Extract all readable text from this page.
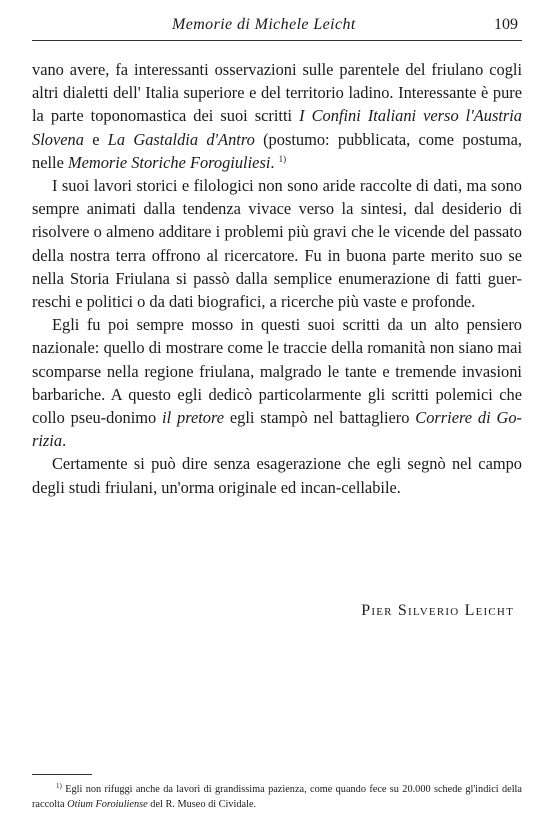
Memorie di Michele Leicht	109

vano avere, fa interessanti osservazioni sulle parentele del friulano cogli altri dialetti dell' Italia superiore e del territorio ladino. Interessante è pure la parte toponomastica dei suoi scritti I Confini Italiani verso l'Austria Slovena e La Gastaldia d'Antro (postumo: pubblicata, come postuma, nelle Memorie Storiche Forogiuliesi. $^{1)}$

I suoi lavori storici e filologici non sono aride raccolte di dati, ma sono sempre animati dalla tendenza vivace verso la sintesi, dal desiderio di risolvere o almeno additare i problemi più gravi che le vicende del passato della nostra terra offrono al ricercatore. Fu in buona parte merito suo se nella Storia Friulana si passò dalla semplice enumerazione di fatti guer-reschi e politici o da dati biografici, a ricerche più vaste e profonde.

Egli fu poi sempre mosso in questi suoi scritti da un alto pensiero nazionale: quello di mostrare come le traccie della romanità non siano mai scomparse nella regione friulana, malgrado le tante e tremende invasioni barbariche. A questo egli dedicò particolarmente gli scritti polemici che collo pseu-donimo il pretore egli stampò nel battagliero Corriere di Go-rizia.

Certamente si può dire senza esagerazione che egli segnò nel campo degli studi friulani, un'orma originale ed incan-cellabile.

Pier Silverio Leicht

$^{1)}$ Egli non rifuggì anche da lavori di grandissima pazienza, come quando fece su 20.000 schede gl'indici della raccolta Otium Foroiuliense del R. Museo di Cividale.
